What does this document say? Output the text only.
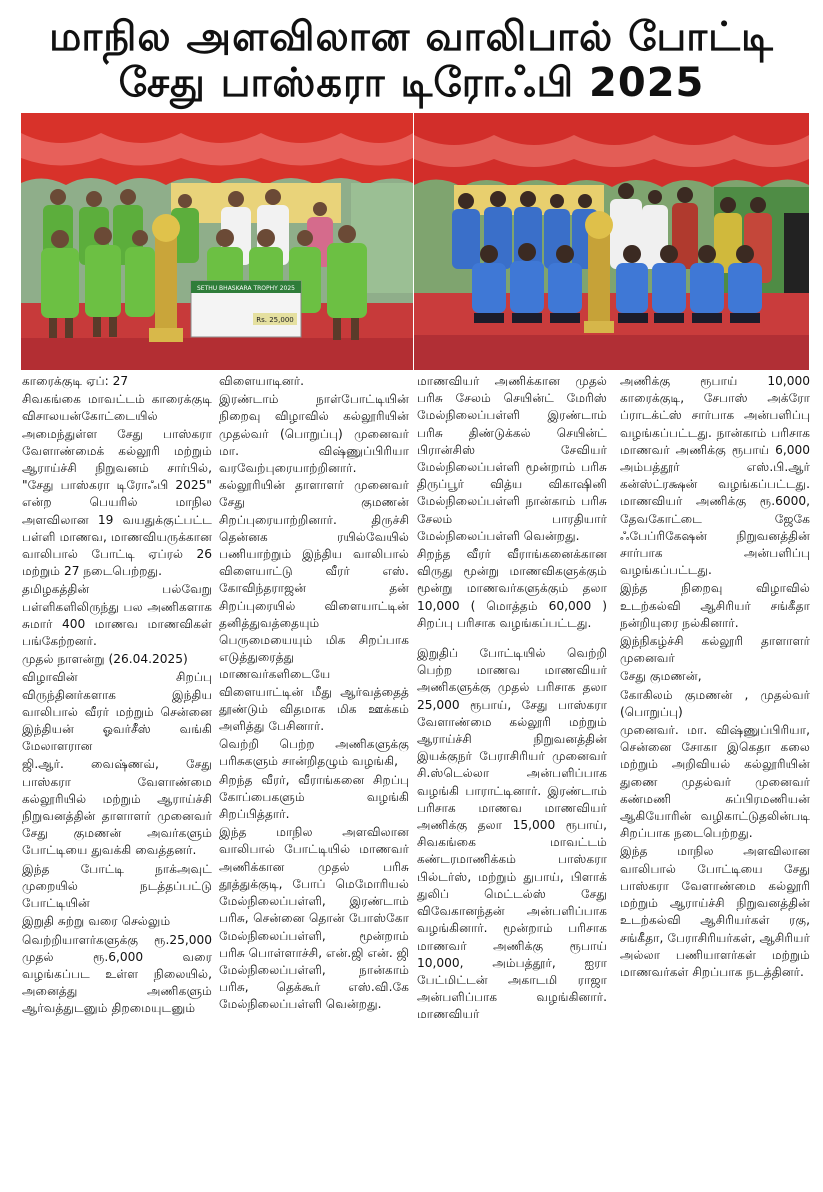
மாநில அளவிலான வாலிபால் போட்டி
சேது பாஸ்கரா டிரோஃபி 2025
SETHU BHASKARA TROPHY 2025
Rs. 25,000

காரைக்குடி ஏப்: 27

சிவகங்கை மாவட்டம் காரைக்குடி விசாலயன்கோட்டையில் அமைந்துள்ள சேது பாஸ்கரா வேளாண்மைக் கல்லூரி மற்றும் ஆராய்ச்சி நிறுவனம் சார்பில், "சேது பாஸ்கரா டிரோஃபி 2025" என்ற பெயரில் மாநில அளவிலான 19 வயதுக்குட்பட்ட பள்ளி மாணவ, மாணவியருக்கான வாலிபால் போட்டி ஏப்ரல் 26 மற்றும் 27 நடைபெற்றது.

தமிழகத்தின் பல்வேறு பள்ளிகளிலிருந்து பல அணிகளாக சுமார் 400 மாணவ மாணவிகள் பங்கேற்றனர்.

முதல் நாளன்று (26.04.2025)

விழாவின் சிறப்பு விருந்தினர்களாக இந்திய வாலிபால் வீரர் மற்றும் சென்னை இந்தியன் ஓவர்சீஸ் வங்கி மேலாளரான

ஜி.ஆர். வைஷ்ணவ், சேது பாஸ்கரா வேளாண்மை கல்லூரியில் மற்றும் ஆராய்ச்சி நிறுவனத்தின் தாளாளர் முனைவர் சேது குமணன் அவர்களும் போட்டியை துவக்கி வைத்தனர்.

இந்த போட்டி நாக்அவுட் முறையில் நடத்தப்பட்டு போட்டியின்

இறுதி சுற்று வரை செல்லும்

வெற்றியாளர்களுக்கு ரூ.25,000 முதல் ரூ.6,000 வரை வழங்கப்பட உள்ள நிலையில், அனைத்து அணிகளும் ஆர்வத்துடனும் திறமையுடனும்

விளையாடினர்.

இரண்டாம் நாள்போட்டியின் நிறைவு விழாவில் கல்லூரியின் முதல்வர் (பொறுப்பு) முனைவர் மா. விஷ்ணுப்பிரியா வரவேற்புரையாற்றினார். கல்லூரியின் தாளாளர் முனைவர் சேது குமணன் சிறப்புரையாற்றினார். திருச்சி தென்னக ரயில்வேயில் பணியாற்றும் இந்திய வாலிபால் விளையாட்டு வீரர் எஸ். கோவிந்தராஜன் தன் சிறப்புரையில் விளையாட்டின் தனித்துவத்தையும் பெருமையையும் மிக சிறப்பாக எடுத்துரைத்து மாணவர்களிடையே விளையாட்டின் மீது ஆர்வத்தைத் தூண்டும் விதமாக மிக ஊக்கம் அளித்து பேசினார்.

வெற்றி பெற்ற அணிகளுக்கு பரிசுகளும் சான்றிதழும் வழங்கி,

சிறந்த வீரர், வீராங்கனை சிறப்பு கோப்பைகளும் வழங்கி சிறப்பித்தார்.

இந்த மாநில அளவிலான வாலிபால் போட்டியில் மாணவர் அணிக்கான முதல் பரிசு தூத்துக்குடி, போப் மெமோரியல் மேல்நிலைப்பள்ளி, இரண்டாம் பரிசு, சென்னை தொன் போஸ்கோ மேல்நிலைப்பள்ளி, மூன்றாம் பரிசு பொள்ளாச்சி, என்.ஜி என். ஜி மேல்நிலைப்பள்ளி, நான்காம் பரிசு, தெக்கூர் எஸ்.வி.கே மேல்நிலைப்பள்ளி வென்றது.

மாணவியர் அணிக்கான முதல் பரிசு சேலம் செயின்ட் மேரிஸ் மேல்நிலைப்பள்ளி இரண்டாம் பரிசு திண்டுக்கல் செயின்ட் பிரான்சிஸ் சேவியர் மேல்நிலைப்பள்ளி மூன்றாம் பரிசு திருப்பூர் வித்ய விகாஷினி மேல்நிலைப்பள்ளி நான்காம் பரிசு சேலம் பாரதியார் மேல்நிலைப்பள்ளி வென்றது.

சிறந்த வீரர் வீராங்கனைக்கான விருது மூன்று மாணவிகளுக்கும் மூன்று மாணவர்களுக்கும் தலா 10,000 ( மொத்தம் 60,000 ) சிறப்பு பரிசாக வழங்கப்பட்டது.

இறுதிப் போட்டியில் வெற்றி பெற்ற மாணவ மாணவியர் அணிகளுக்கு முதல் பரிசாக தலா 25,000 ரூபாய், சேது பாஸ்கரா வேளாண்மை கல்லூரி மற்றும் ஆராய்ச்சி நிறுவனத்தின் இயக்குநர் பேராசிரியர் முனைவர் சி.ஸ்டெல்லா அன்பளிப்பாக வழங்கி பாராட்டினார். இரண்டாம் பரிசாக மாணவ மாணவியர் அணிக்கு தலா 15,000 ரூபாய், சிவகங்கை மாவட்டம் கண்டரமாணிக்கம் பாஸ்கரா பில்டர்ஸ், மற்றும் துபாய், பிளாக் துலிப் மெட்டல்ஸ் சேது விவேகானந்தன் அன்பளிப்பாக வழங்கினார். மூன்றாம் பரிசாக மாணவர் அணிக்கு ரூபாய் 10,000, அம்பத்தூர், ஐரா பேட்மிட்டன் அகாடமி ராஜா அன்பளிப்பாக வழங்கினார். மாணவியர்

அணிக்கு ரூபாய் 10,000 காரைக்குடி, சேபாஸ் அக்ரோ ப்ராடக்ட்ஸ் சார்பாக அன்பளிப்பு வழங்கப்பட்டது. நான்காம் பரிசாக மாணவர் அணிக்கு ரூபாய் 6,000 அம்பத்தூர் எஸ்.பி.ஆர் கன்ஸ்ட்ரக்ஷன் வழங்கப்பட்டது. மாணவியர் அணிக்கு ரூ.6000, தேவகோட்டை ஜேகே ஃபேப்ரிகேஷன் நிறுவனத்தின் சார்பாக அன்பளிப்பு வழங்கப்பட்டது.

இந்த நிறைவு விழாவில் உடற்கல்வி ஆசிரியர் சங்கீதா நன்றியுரை நல்கினார்.

இந்நிகழ்ச்சி கல்லூரி தாளாளர் முனைவர்

சேது குமணன்,

கோகிலம் குமணன் , முதல்வர் (பொறுப்பு)

முனைவர். மா. விஷ்ணுப்பிரியா, சென்னை சோகா இகெதா கலை மற்றும் அறிவியல் கல்லூரியின் துணை முதல்வர் முனைவர் கண்மணி சுப்பிரமணியன் ஆகியோரின் வழிகாட்டுதலின்படி சிறப்பாக நடைபெற்றது.

இந்த மாநில அளவிலான வாலிபால் போட்டியை சேது பாஸ்கரா வேளாண்மை கல்லூரி மற்றும் ஆராய்ச்சி நிறுவனத்தின் உடற்கல்வி ஆசிரியர்கள் ரகு, சங்கீதா, பேராசிரியர்கள், ஆசிரியர் அல்லா பணியாளர்கள் மற்றும் மாணவர்கள் சிறப்பாக நடத்தினர்.
